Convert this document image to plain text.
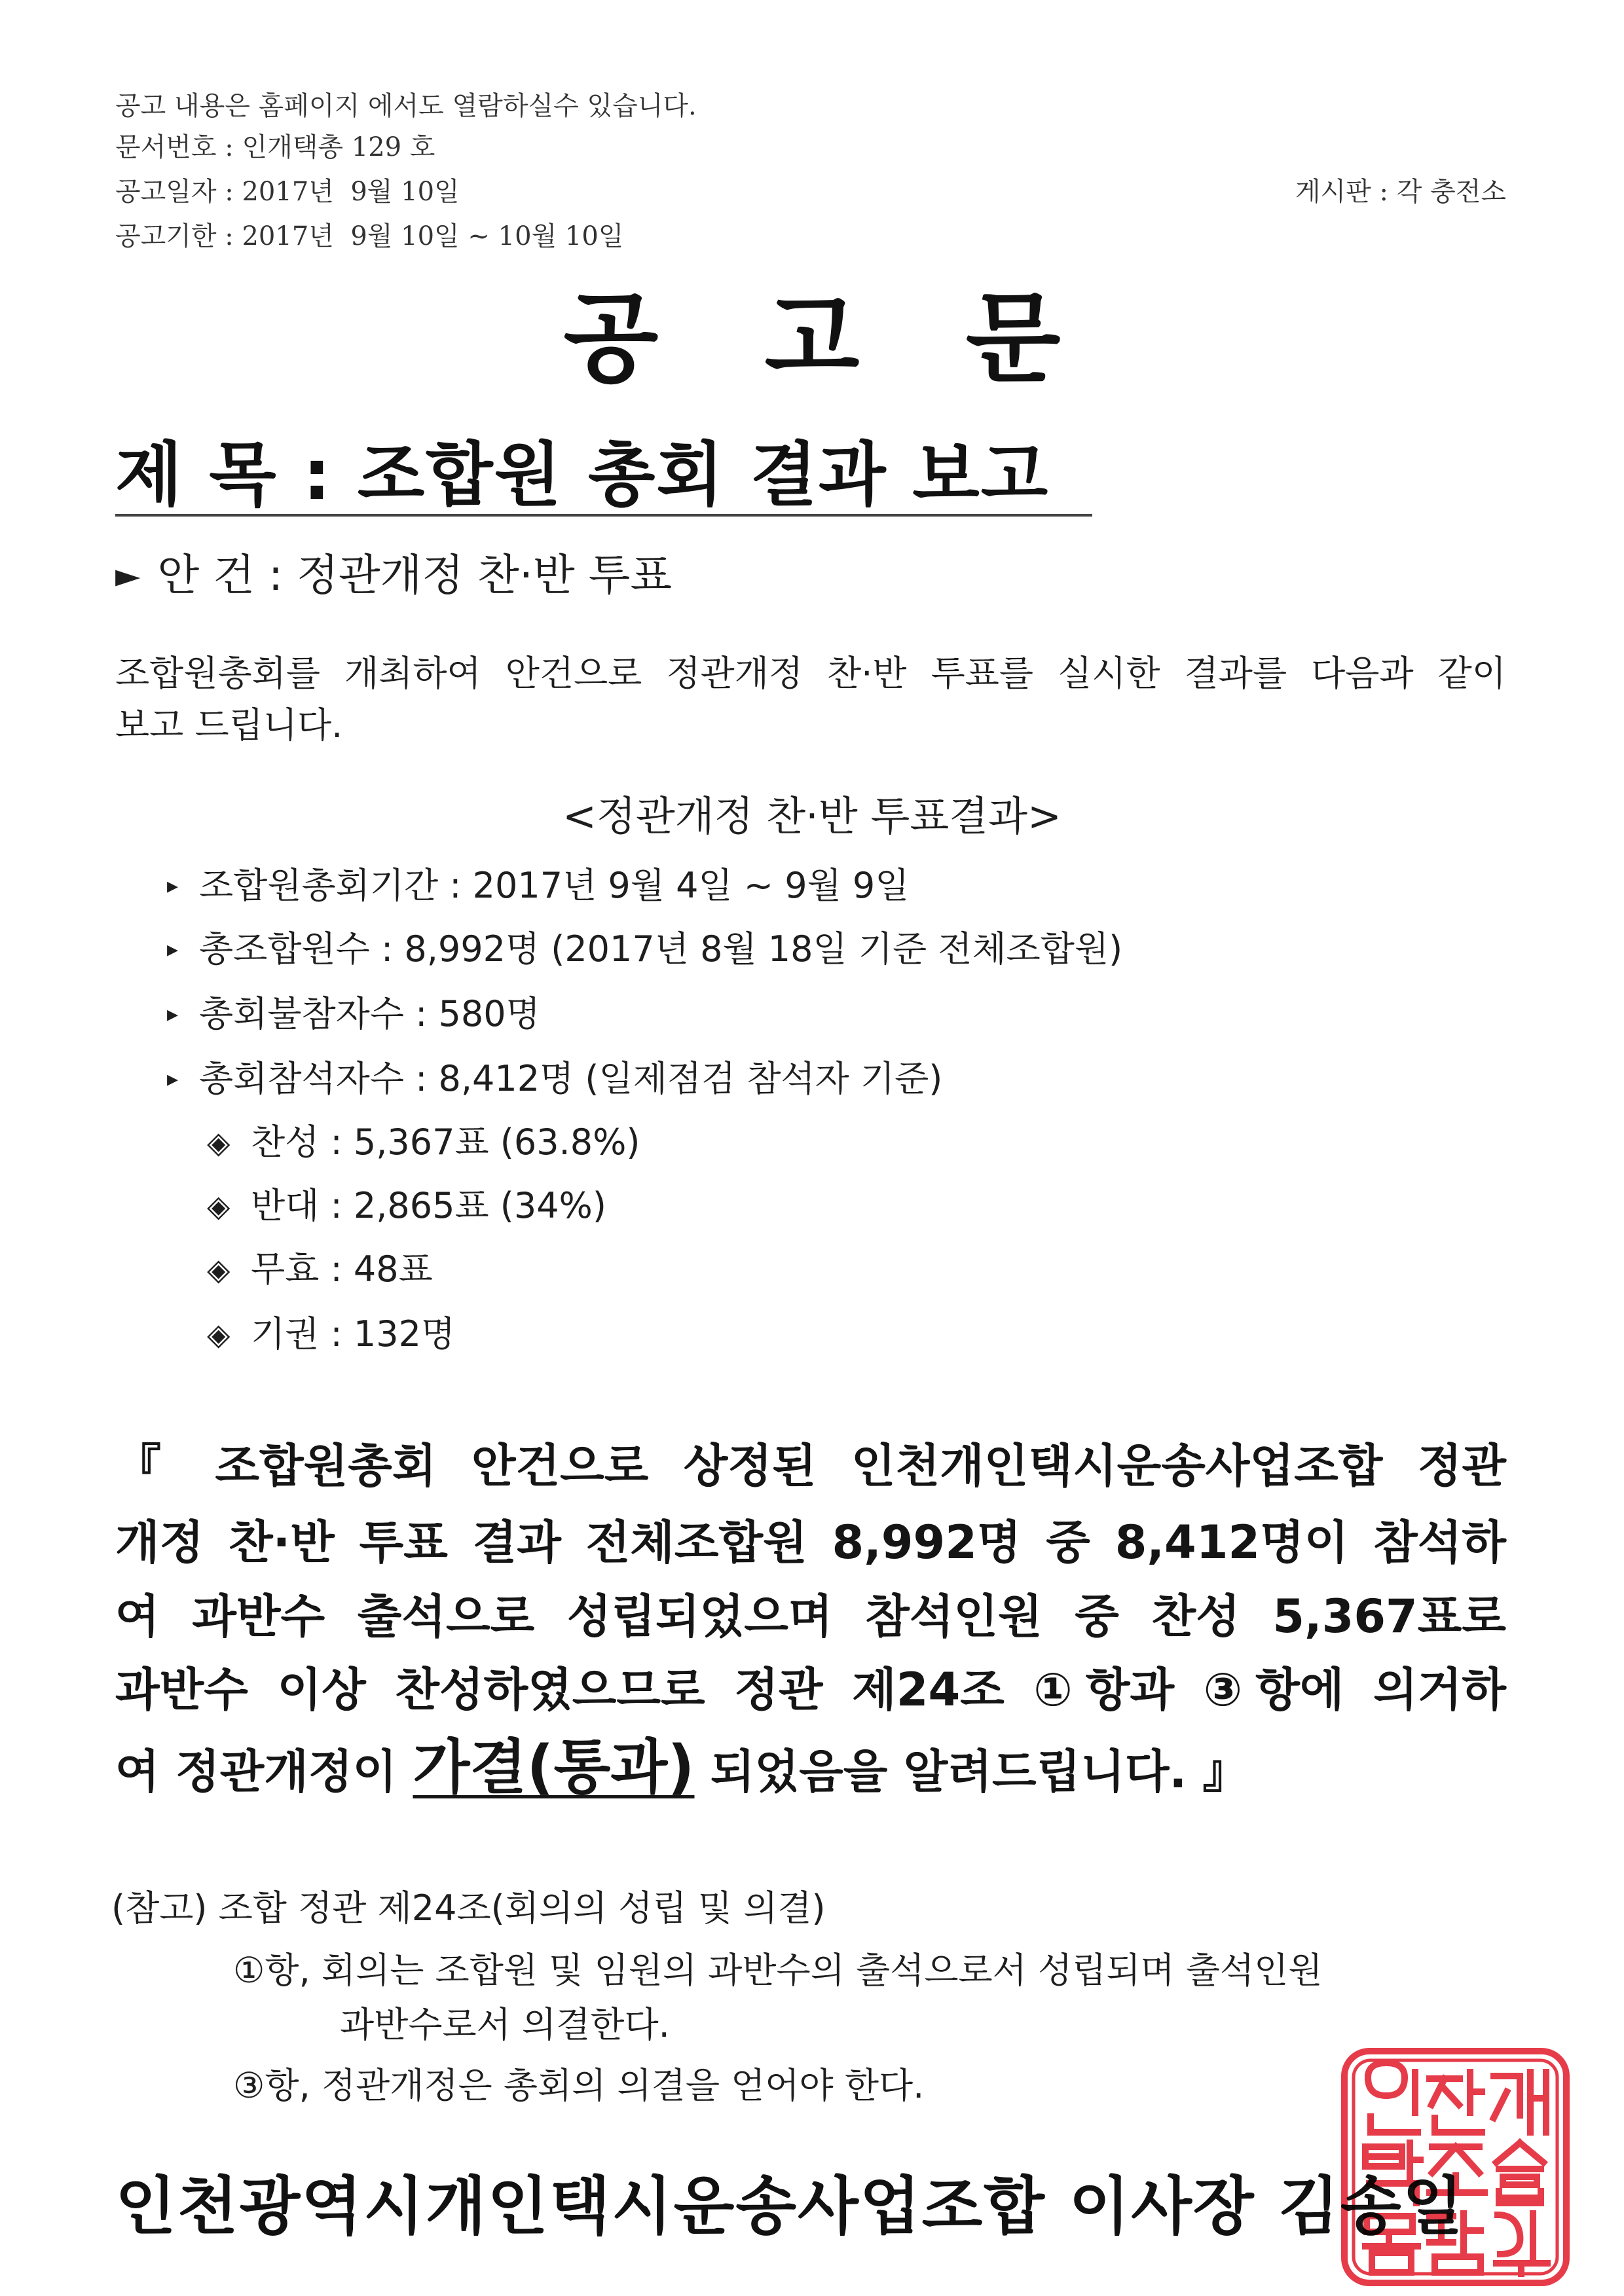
공고 내용은 홈페이지 에서도 열람하실수 있습니다.

문서번호 : 인개택총 129 호

공고일자 : 2017년  9월 10일	게시판 : 각 충전소

공고기한 : 2017년  9월 10일 ~ 10월 10일

공 고 문
제 목 : 조합원 총회 결과 보고
► 안 건 : 정관개정 찬·반 투표

조합원총회를 개최하여 안건으로 정관개정 찬·반 투표를 실시한 결과를 다음과 같이

보고 드립니다.

<정관개정 찬·반 투표결과>

▸ 조합원총회기간 : 2017년 9월 4일 ~ 9월 9일
▸ 총조합원수 : 8,992명 (2017년 8월 18일 기준 전체조합원)
▸ 총회불참자수 : 580명
▸ 총회참석자수 : 8,412명 (일제점검 참석자 기준)
◈ 찬성 : 5,367표 (63.8%)
◈ 반대 : 2,865표 (34%)
◈ 무효 : 48표
◈ 기권 : 132명

『 조합원총회 안건으로 상정된 인천개인택시운송사업조합 정관

개정 찬·반 투표 결과 전체조합원 8,992명 중 8,412명이 참석하

여 과반수 출석으로 성립되었으며 참석인원 중 찬성 5,367표로

과반수 이상 찬성하였으므로 정관 제24조 ①항과 ③항에 의거하

여 정관개정이 가결(통과) 되었음을 알려드립니다. 』

(참고) 조합 정관 제24조(회의의 성립 및 의결)

①항, 회의는 조합원 및 임원의 과반수의 출석으로서 성립되며 출석인원

과반수로서 의결한다.

③항, 정관개정은 총회의 의결을 얻어야 한다.

인천광역시개인택시운송사업조합 이사장 김송일
